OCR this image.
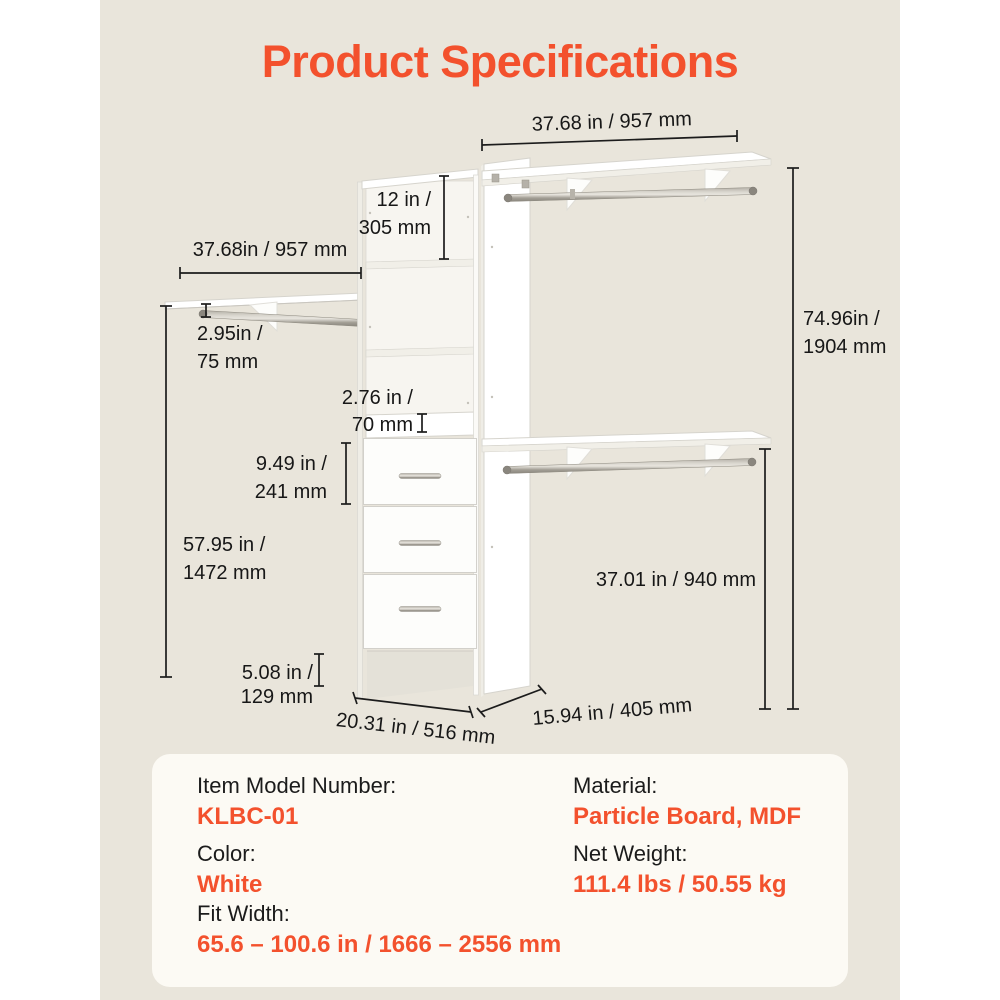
Product Specifications
37.68 in / 957 mm
12 in /
305 mm
37.68in / 957 mm
2.95in /
75 mm
74.96in /
1904 mm
37.01 in / 940 mm
2.76 in /
70 mm
9.49 in /
241 mm
57.95 in /
1472 mm
5.08 in /
129 mm
20.31 in / 516 mm 15.94 in / 405 mm
Item Model Number:
KLBC-01
Color:
White
Fit Width:
65.6 – 100.6 in / 1666 – 2556 mm
Material:
Particle Board, MDF
Net Weight:
111.4 lbs / 50.55 kg
